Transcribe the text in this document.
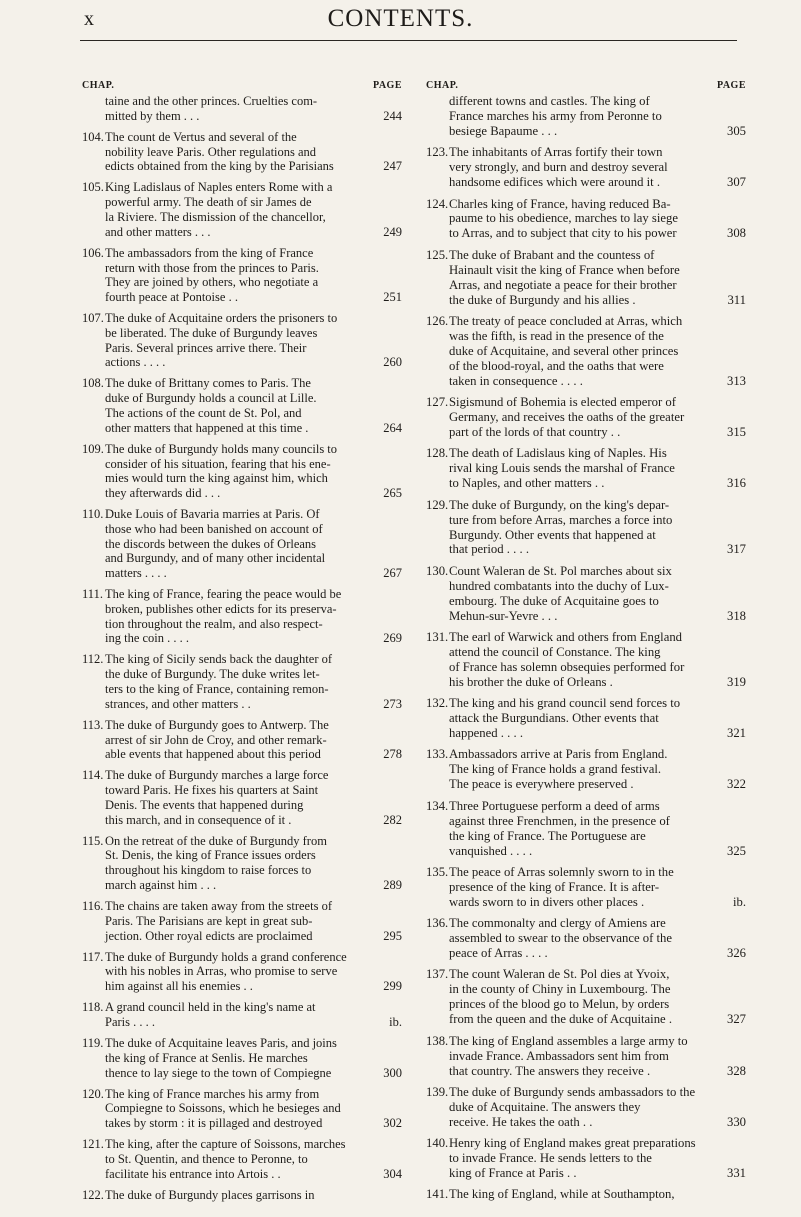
x	CONTENTS.
CHAP.	PAGE
taine and the other princes. Cruelties com-
mitted by them . . .	244
104. The count de Vertus and several of the
nobility leave Paris. Other regulations and
edicts obtained from the king by the Parisians	247
105. King Ladislaus of Naples enters Rome with a
powerful army. The death of sir James de
la Riviere. The dismission of the chancellor,
and other matters . . .	249
106. The ambassadors from the king of France
return with those from the princes to Paris.
They are joined by others, who negotiate a
fourth peace at Pontoise . .	251
107. The duke of Acquitaine orders the prisoners to
be liberated. The duke of Burgundy leaves
Paris. Several princes arrive there. Their
actions . . . .	260
108. The duke of Brittany comes to Paris. The
duke of Burgundy holds a council at Lille.
The actions of the count de St. Pol, and
other matters that happened at this time .	264
109. The duke of Burgundy holds many councils to
consider of his situation, fearing that his ene-
mies would turn the king against him, which
they afterwards did . . .	265
110. Duke Louis of Bavaria marries at Paris. Of
those who had been banished on account of
the discords between the dukes of Orleans
and Burgundy, and of many other incidental
matters . . . .	267
111. The king of France, fearing the peace would be
broken, publishes other edicts for its preserva-
tion throughout the realm, and also respect-
ing the coin . . . .	269
112. The king of Sicily sends back the daughter of
the duke of Burgundy. The duke writes let-
ters to the king of France, containing remon-
strances, and other matters . .	273
113. The duke of Burgundy goes to Antwerp. The
arrest of sir John de Croy, and other remark-
able events that happened about this period	278
114. The duke of Burgundy marches a large force
toward Paris. He fixes his quarters at Saint
Denis. The events that happened during
this march, and in consequence of it .	282
115. On the retreat of the duke of Burgundy from
St. Denis, the king of France issues orders
throughout his kingdom to raise forces to
march against him . . .	289
116. The chains are taken away from the streets of
Paris. The Parisians are kept in great sub-
jection. Other royal edicts are proclaimed	295
117. The duke of Burgundy holds a grand conference
with his nobles in Arras, who promise to serve
him against all his enemies . .	299
118. A grand council held in the king's name at
Paris . . . .	ib.
119. The duke of Acquitaine leaves Paris, and joins
the king of France at Senlis. He marches
thence to lay siege to the town of Compiegne	300
120. The king of France marches his army from
Compiegne to Soissons, which he besieges and
takes by storm : it is pillaged and destroyed	302
121. The king, after the capture of Soissons, marches
to St. Quentin, and thence to Peronne, to
facilitate his entrance into Artois . .	304
122. The duke of Burgundy places garrisons in
CHAP.	PAGE
different towns and castles. The king of
France marches his army from Peronne to
besiege Bapaume . . .	305
123. The inhabitants of Arras fortify their town
very strongly, and burn and destroy several
handsome edifices which were around it .	307
124. Charles king of France, having reduced Ba-
paume to his obedience, marches to lay siege
to Arras, and to subject that city to his power	308
125. The duke of Brabant and the countess of
Hainault visit the king of France when before
Arras, and negotiate a peace for their brother
the duke of Burgundy and his allies .	311
126. The treaty of peace concluded at Arras, which
was the fifth, is read in the presence of the
duke of Acquitaine, and several other princes
of the blood-royal, and the oaths that were
taken in consequence . . . .	313
127. Sigismund of Bohemia is elected emperor of
Germany, and receives the oaths of the greater
part of the lords of that country . .	315
128. The death of Ladislaus king of Naples. His
rival king Louis sends the marshal of France
to Naples, and other matters . .	316
129. The duke of Burgundy, on the king's depar-
ture from before Arras, marches a force into
Burgundy. Other events that happened at
that period . . . .	317
130. Count Waleran de St. Pol marches about six
hundred combatants into the duchy of Lux-
embourg. The duke of Acquitaine goes to
Mehun-sur-Yevre . . .	318
131. The earl of Warwick and others from England
attend the council of Constance. The king
of France has solemn obsequies performed for
his brother the duke of Orleans .	319
132. The king and his grand council send forces to
attack the Burgundians. Other events that
happened . . . .	321
133. Ambassadors arrive at Paris from England.
The king of France holds a grand festival.
The peace is everywhere preserved .	322
134. Three Portuguese perform a deed of arms
against three Frenchmen, in the presence of
the king of France. The Portuguese are
vanquished . . . .	325
135. The peace of Arras solemnly sworn to in the
presence of the king of France. It is after-
wards sworn to in divers other places .	ib.
136. The commonalty and clergy of Amiens are
assembled to swear to the observance of the
peace of Arras . . . .	326
137. The count Waleran de St. Pol dies at Yvoix,
in the county of Chiny in Luxembourg. The
princes of the blood go to Melun, by orders
from the queen and the duke of Acquitaine .	327
138. The king of England assembles a large army to
invade France. Ambassadors sent him from
that country. The answers they receive .	328
139. The duke of Burgundy sends ambassadors to the
duke of Acquitaine. The answers they
receive. He takes the oath . .	330
140. Henry king of England makes great preparations
to invade France. He sends letters to the
king of France at Paris . .	331
141. The king of England, while at Southampton,
